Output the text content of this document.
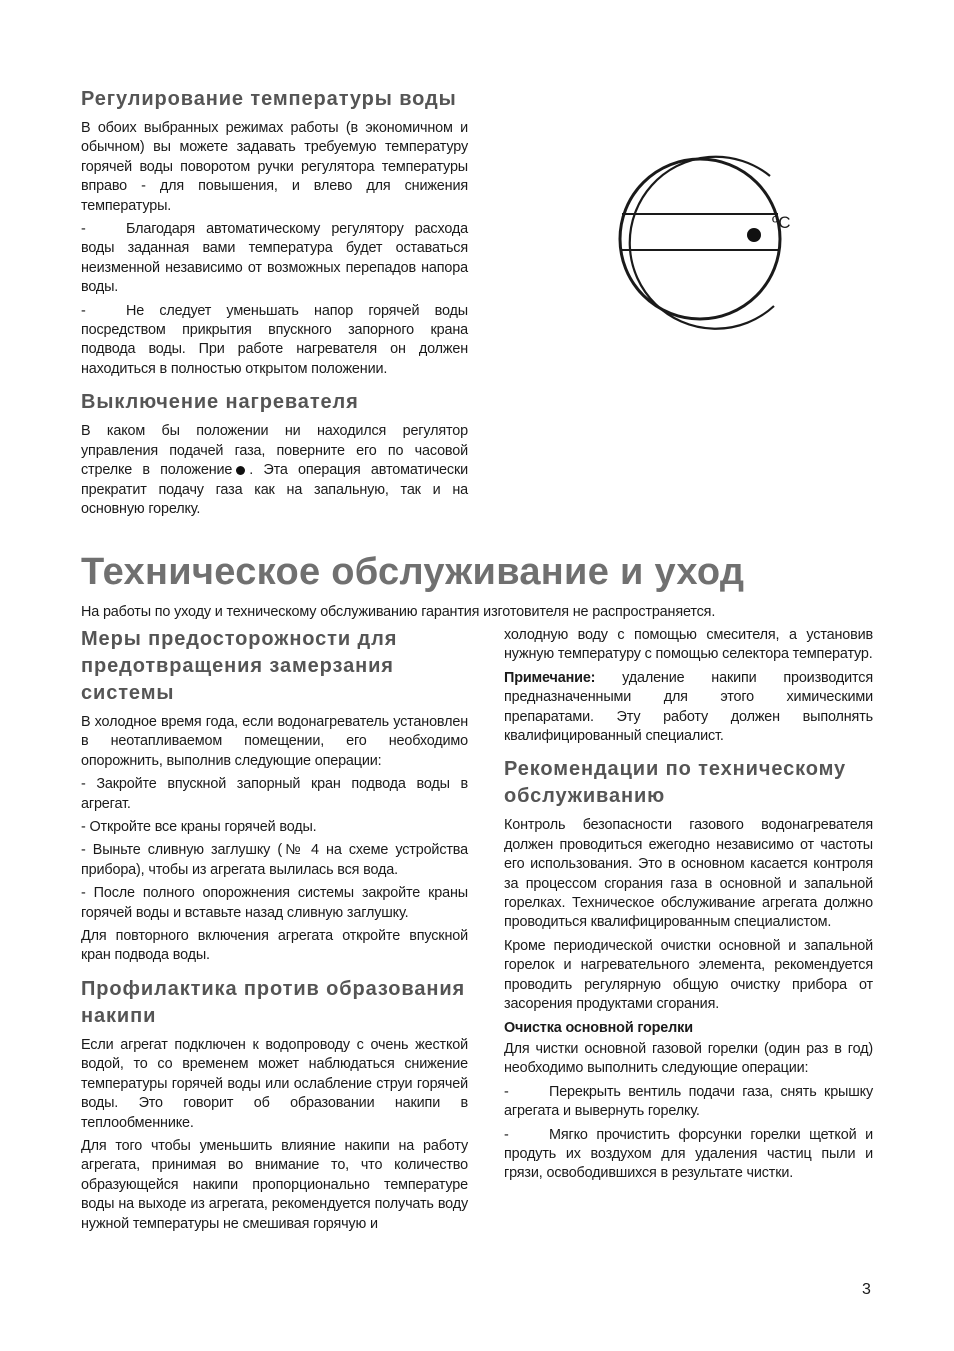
Регулирование температуры воды

В обоих выбранных режимах работы (в экономичном и обычном) вы можете задавать требуемую температуру горячей воды поворотом ручки регулятора температуры вправо - для повышения, и влево для снижения температуры.

-	Благодаря автоматическому регулятору расхода воды заданная вами температура будет оставаться неизменной независимо от возможных перепадов напора воды.

-	Не следует уменьшать напор горячей воды посредством прикрытия впускного запорного крана подвода воды. При работе нагревателя он должен находиться в полностью открытом положении.

Выключение нагревателя

В каком бы положении ни находился регулятор управления подачей газа, поверните его по часовой стрелке в положение . Эта операция автоматически прекратит подачу газа как на запальную, так и на основную горелку.

ºC
Техническое обслуживание и уход

На работы по уходу и техническому обслуживанию гарантия изготовителя не распространяется.

Меры предосторожности для предотвращения замерзания системы

В холодное время года, если водонагреватель установлен в неотапливаемом помещении, его необходимо опорожнить, выполнив следующие операции:

- Закройте впускной запорный кран подвода воды в агрегат.

- Откройте все краны горячей воды.

- Выньте сливную заглушку (№ 4 на схеме устройства прибора), чтобы из агрегата вылилась вся вода.

- После полного опорожнения системы закройте краны горячей воды и вставьте назад сливную заглушку.

Для повторного включения агрегата откройте впускной кран подвода воды.

Профилактика против образования накипи

Если агрегат подключен к водопроводу с очень жесткой водой, то со временем может наблюдаться снижение температуры горячей воды или ослабление струи горячей воды. Это говорит об образовании накипи в теплообменнике.

Для того чтобы уменьшить влияние накипи на работу агрегата, принимая во внимание то, что количество образующейся накипи пропорционально температуре воды на выходе из агрегата, рекомендуется получать воду нужной температуры не смешивая горячую и

холодную воду с помощью смесителя, а установив нужную температуру с помощью селектора температур.

Примечание: удаление накипи производится предназначенными для этого химическими препаратами. Эту работу должен выполнять квалифицированный специалист.

Рекомендации по техническому обслуживанию

Контроль безопасности газового водонагревателя должен проводиться ежегодно независимо от частоты его использования. Это в основном касается контроля за процессом сгорания газа в основной и запальной горелках. Техническое обслуживание агрегата должно проводиться квалифицированным специалистом.

Кроме периодической очистки основной и запальной горелок и нагревательного элемента, рекомендуется проводить регулярную общую очистку прибора от засорения продуктами сгорания.

Очистка основной горелки

Для чистки основной газовой горелки (один раз в год) необходимо выполнить следующие операции:

-	Перекрыть вентиль подачи газа, снять крышку агрегата и вывернуть горелку.

-	Мягко прочистить форсунки горелки щеткой и продуть их воздухом для удаления частиц пыли и грязи, освободившихся в результате чистки.

3
